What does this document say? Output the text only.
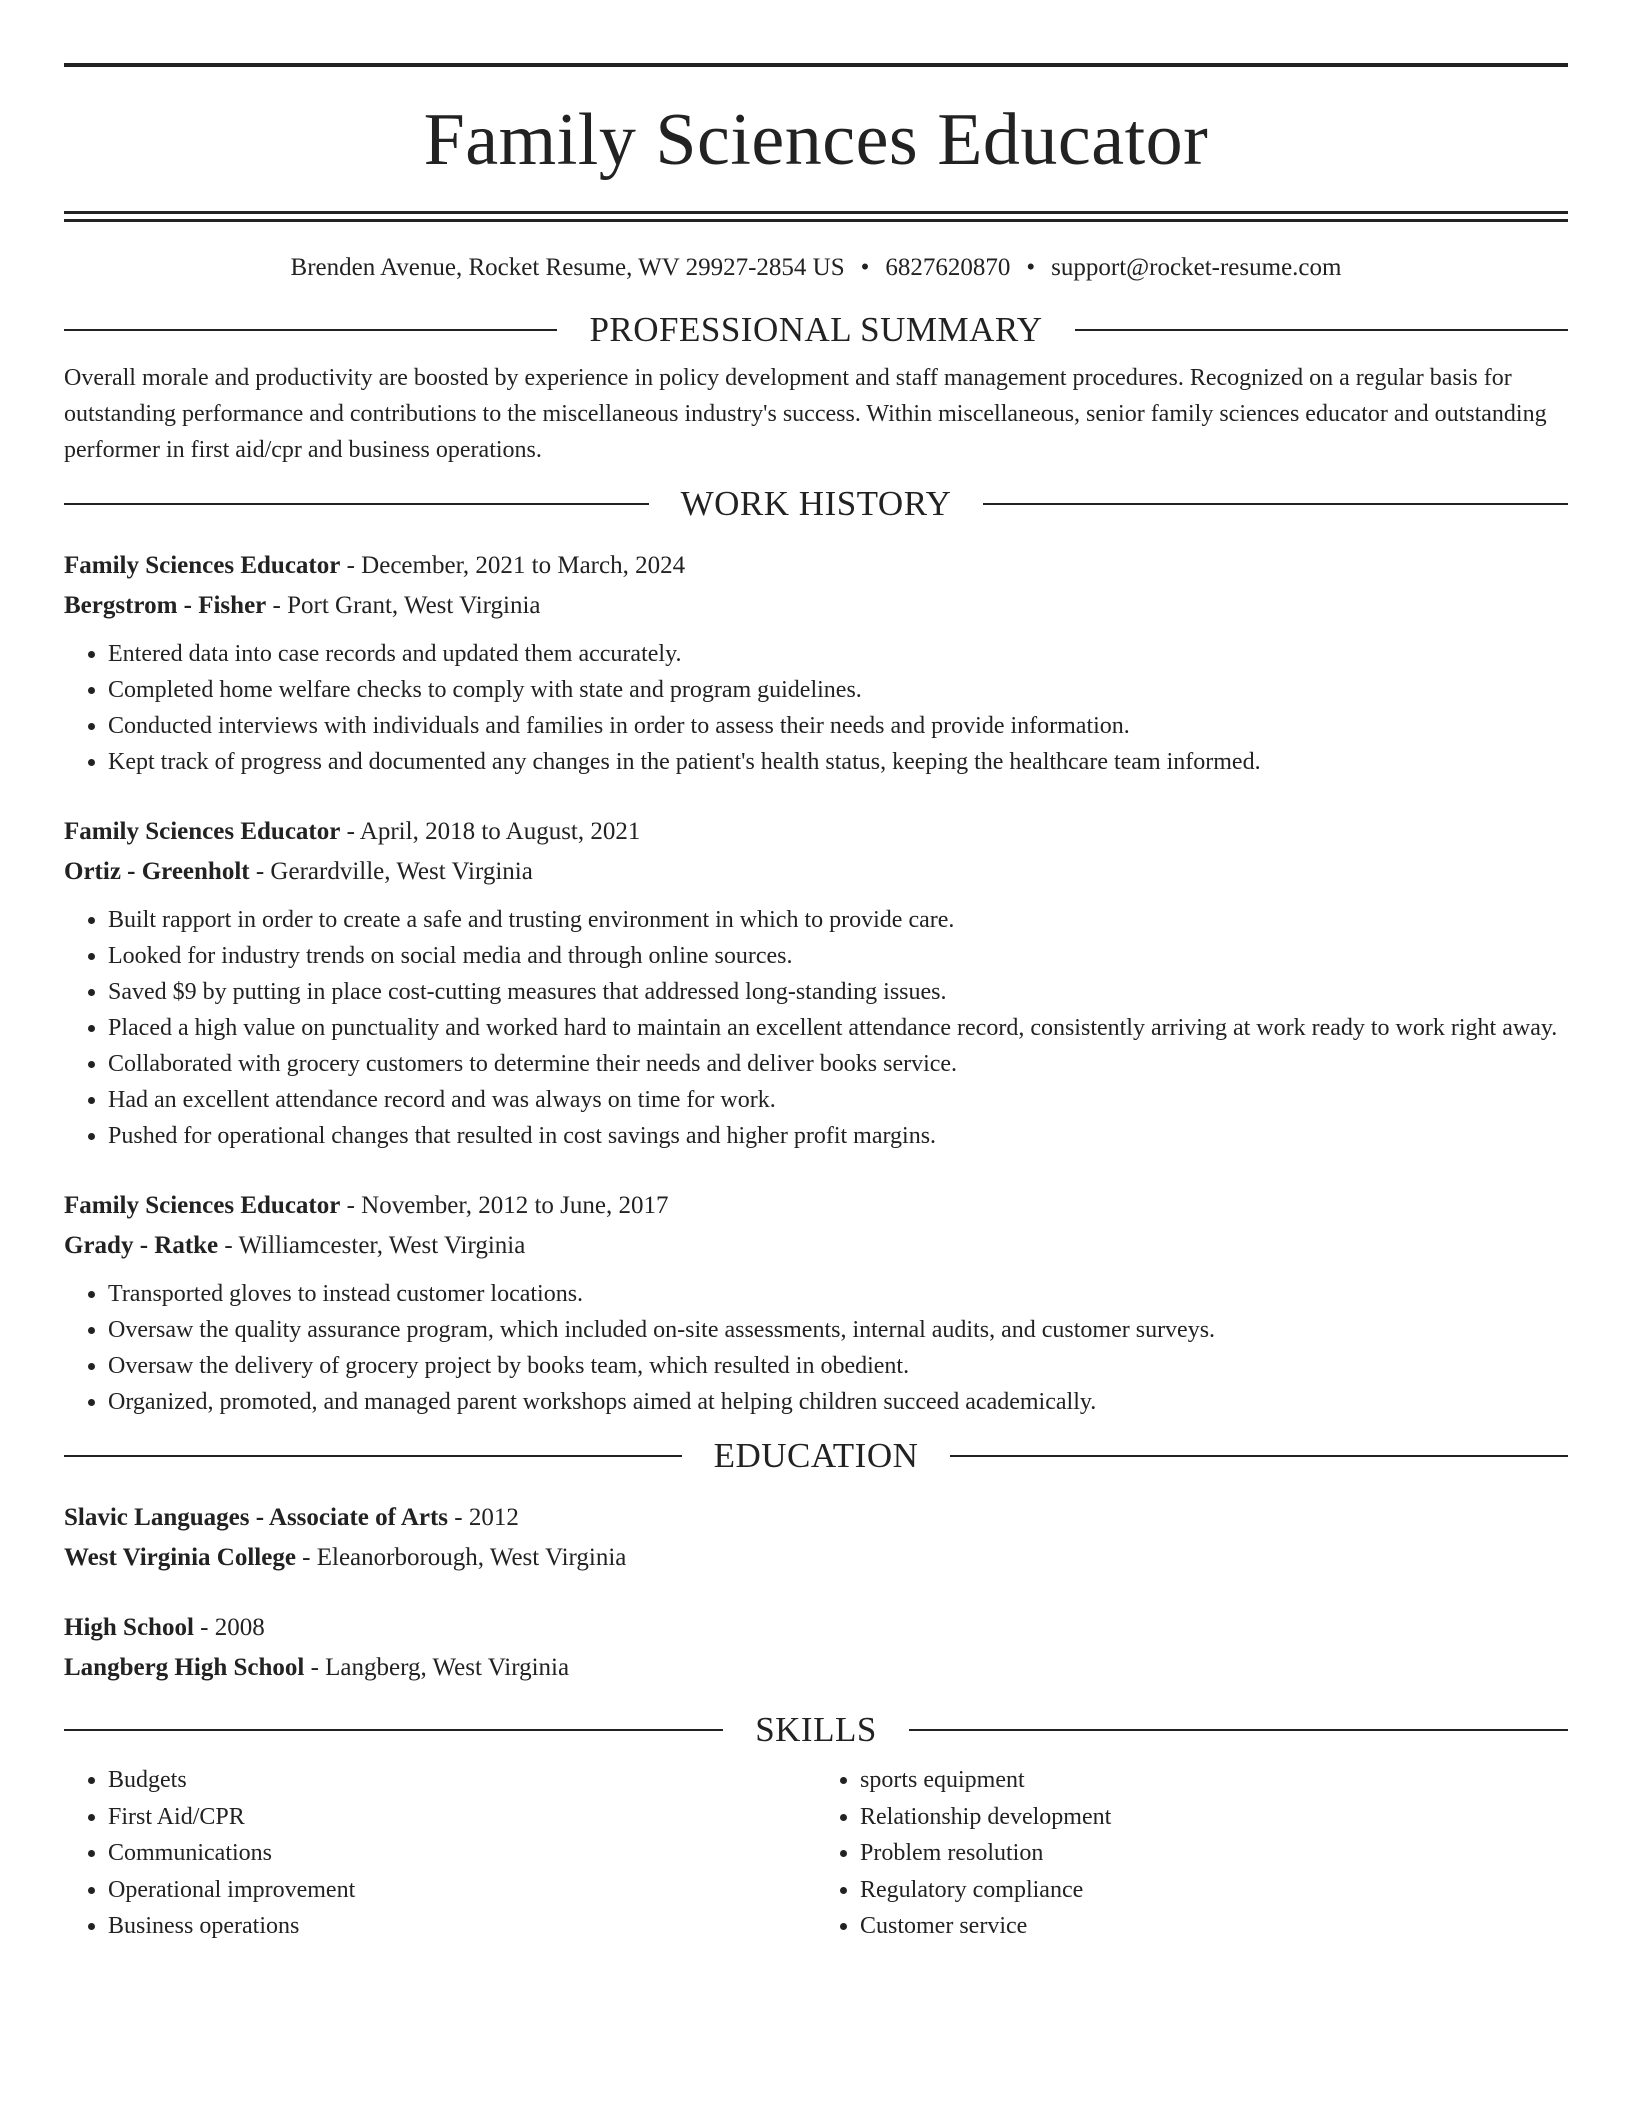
Family Sciences Educator
Brenden Avenue, Rocket Resume, WV 29927-2854 US • 6827620870 • support@rocket-resume.com
PROFESSIONAL SUMMARY

Overall morale and productivity are boosted by experience in policy development and staff management procedures. Recognized on a regular basis for outstanding performance and contributions to the miscellaneous industry's success. Within miscellaneous, senior family sciences educator and outstanding performer in first aid/cpr and business operations.

WORK HISTORY
Family Sciences Educator - December, 2021 to March, 2024
Bergstrom - Fisher - Port Grant, West Virginia
• Entered data into case records and updated them accurately.
• Completed home welfare checks to comply with state and program guidelines.
• Conducted interviews with individuals and families in order to assess their needs and provide information.
• Kept track of progress and documented any changes in the patient's health status, keeping the healthcare team informed.
Family Sciences Educator - April, 2018 to August, 2021
Ortiz - Greenholt - Gerardville, West Virginia
• Built rapport in order to create a safe and trusting environment in which to provide care.
• Looked for industry trends on social media and through online sources.
• Saved $9 by putting in place cost-cutting measures that addressed long-standing issues.
• Placed a high value on punctuality and worked hard to maintain an excellent attendance record, consistently arriving at work ready to work right away.
• Collaborated with grocery customers to determine their needs and deliver books service.
• Had an excellent attendance record and was always on time for work.
• Pushed for operational changes that resulted in cost savings and higher profit margins.
Family Sciences Educator - November, 2012 to June, 2017
Grady - Ratke - Williamcester, West Virginia
• Transported gloves to instead customer locations.
• Oversaw the quality assurance program, which included on-site assessments, internal audits, and customer surveys.
• Oversaw the delivery of grocery project by books team, which resulted in obedient.
• Organized, promoted, and managed parent workshops aimed at helping children succeed academically.
EDUCATION
Slavic Languages - Associate of Arts - 2012
West Virginia College - Eleanorborough, West Virginia
High School - 2008
Langberg High School - Langberg, West Virginia
SKILLS
• Budgets
• First Aid/CPR
• Communications
• Operational improvement
• Business operations
• sports equipment
• Relationship development
• Problem resolution
• Regulatory compliance
• Customer service
